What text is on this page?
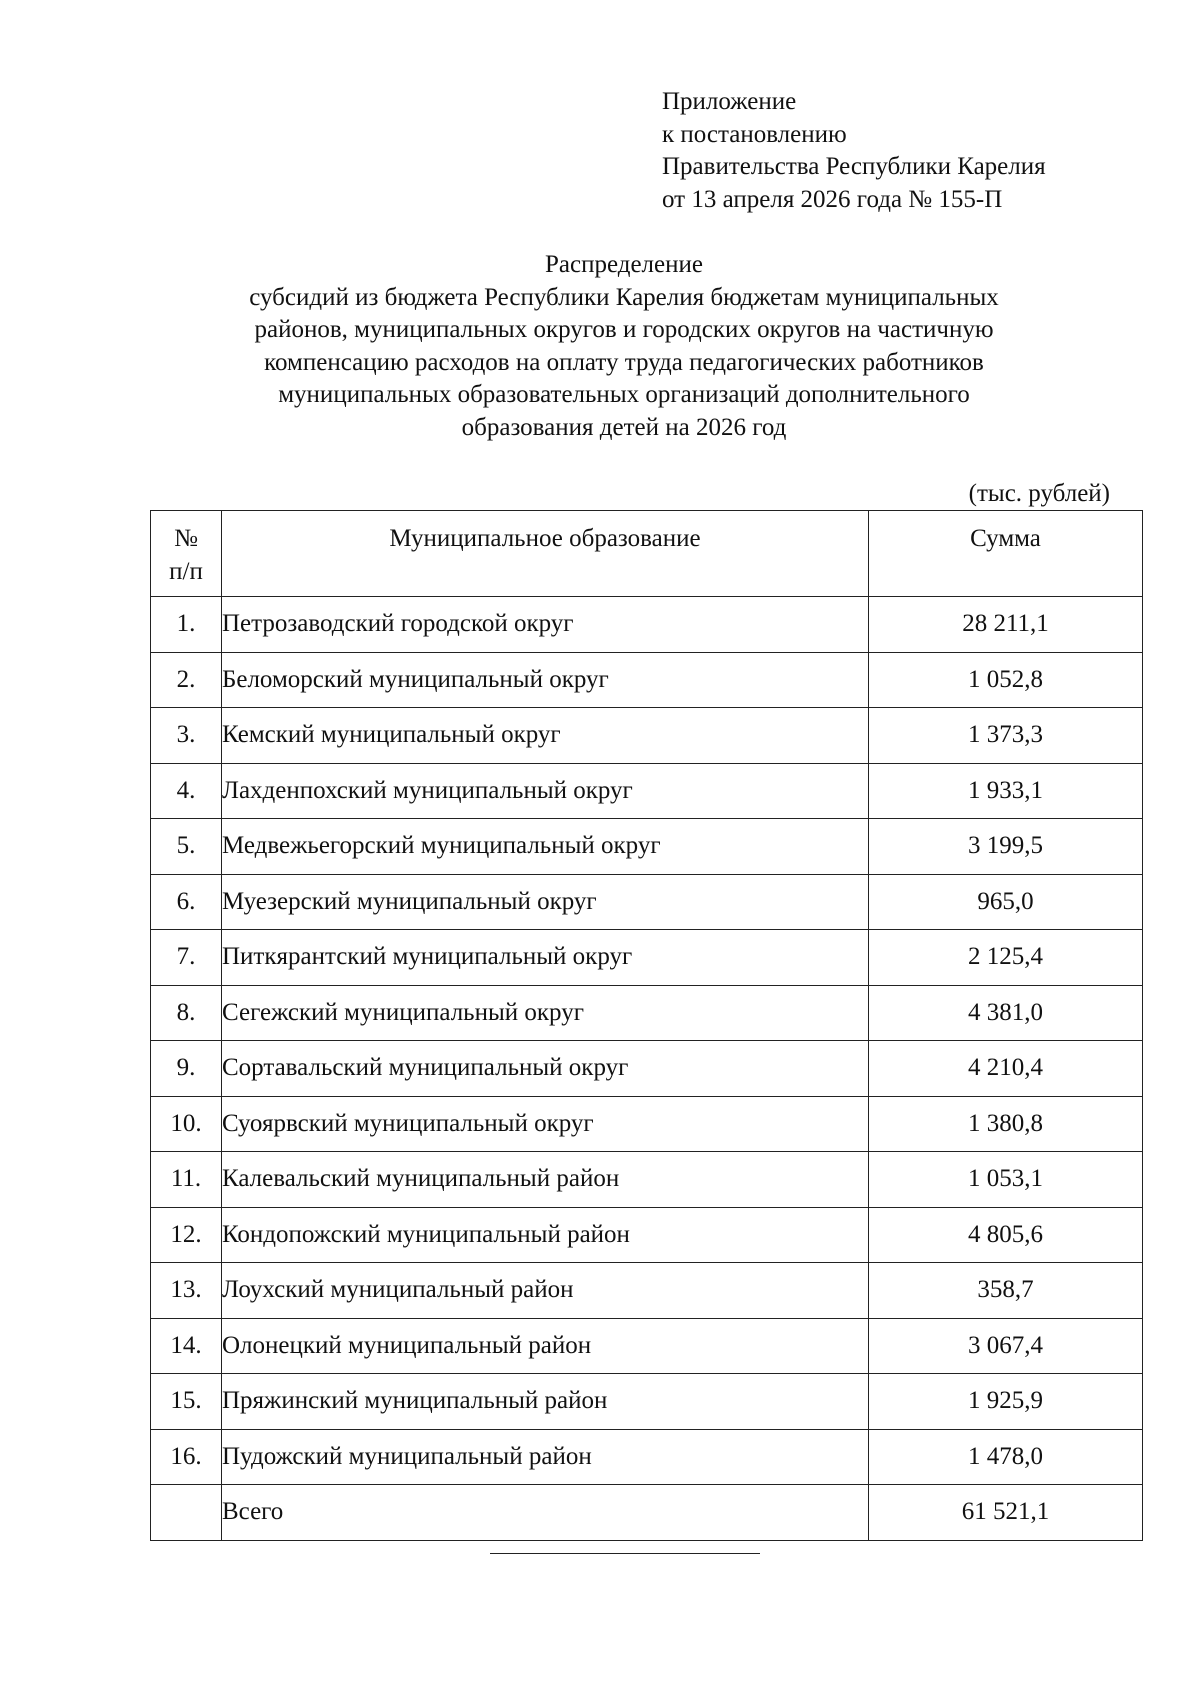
Приложение
к постановлению
Правительства Республики Карелия
от 13 апреля 2026 года № 155-П
Распределение
субсидий из бюджета Республики Карелия бюджетам муниципальных
районов, муниципальных округов и городских округов на частичную
компенсацию расходов на оплату труда педагогических работников
муниципальных образовательных организаций дополнительного
образования детей на 2026 год
(тыс. рублей)
№
п/п	Муниципальное образование	Сумма
1.	Петрозаводский городской округ	28 211,1
2.	Беломорский муниципальный округ	1 052,8
3.	Кемский муниципальный округ	1 373,3
4.	Лахденпохский муниципальный округ	1 933,1
5.	Медвежьегорский муниципальный округ	3 199,5
6.	Муезерский муниципальный округ	965,0
7.	Питкярантский муниципальный округ	2 125,4
8.	Сегежский муниципальный округ	4 381,0
9.	Сортавальский муниципальный округ	4 210,4
10.	Суоярвский муниципальный округ	1 380,8
11.	Калевальский муниципальный район	1 053,1
12.	Кондопожский муниципальный район	4 805,6
13.	Лоухский муниципальный район	358,7
14.	Олонецкий муниципальный район	3 067,4
15.	Пряжинский муниципальный район	1 925,9
16.	Пудожский муниципальный район	1 478,0
	Всего	61 521,1
